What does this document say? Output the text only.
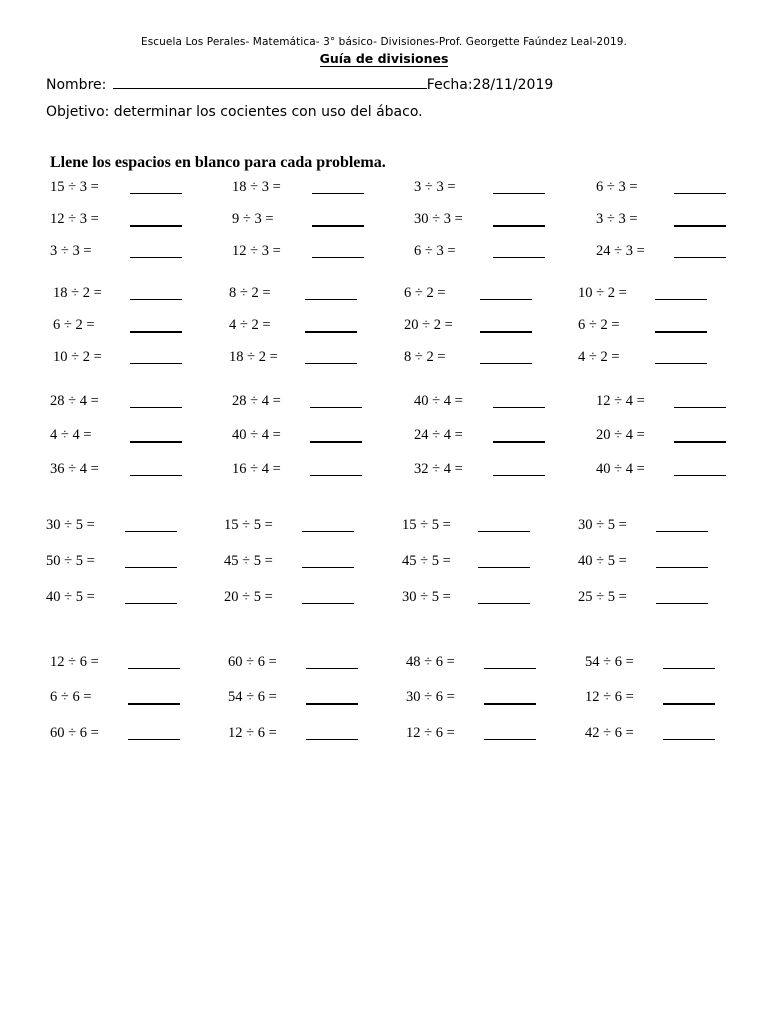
Escuela Los Perales- Matemática- 3° básico- Divisiones-Prof. Georgette Faúndez Leal-2019.
Guía de divisiones
Nombre:	Fecha:28/11/2019
Objetivo: determinar los cocientes con uso del ábaco.
Llene los espacios en blanco para cada problema.
15 ÷ 3 =	18 ÷ 3 =	3 ÷ 3 =	6 ÷ 3 =
12 ÷ 3 =	9 ÷ 3 =	30 ÷ 3 =	3 ÷ 3 =
3 ÷ 3 =	12 ÷ 3 =	6 ÷ 3 =	24 ÷ 3 =
18 ÷ 2 =	8 ÷ 2 =	6 ÷ 2 =	10 ÷ 2 =
6 ÷ 2 =	4 ÷ 2 =	20 ÷ 2 =	6 ÷ 2 =
10 ÷ 2 =	18 ÷ 2 =	8 ÷ 2 =	4 ÷ 2 =
28 ÷ 4 =	28 ÷ 4 =	40 ÷ 4 =	12 ÷ 4 =
4 ÷ 4 =	40 ÷ 4 =	24 ÷ 4 =	20 ÷ 4 =
36 ÷ 4 =	16 ÷ 4 =	32 ÷ 4 =	40 ÷ 4 =
30 ÷ 5 =	15 ÷ 5 =	15 ÷ 5 =	30 ÷ 5 =
50 ÷ 5 =	45 ÷ 5 =	45 ÷ 5 =	40 ÷ 5 =
40 ÷ 5 =	20 ÷ 5 =	30 ÷ 5 =	25 ÷ 5 =
12 ÷ 6 =	60 ÷ 6 =	48 ÷ 6 =	54 ÷ 6 =
6 ÷ 6 =	54 ÷ 6 =	30 ÷ 6 =	12 ÷ 6 =
60 ÷ 6 =	12 ÷ 6 =	12 ÷ 6 =	42 ÷ 6 =
